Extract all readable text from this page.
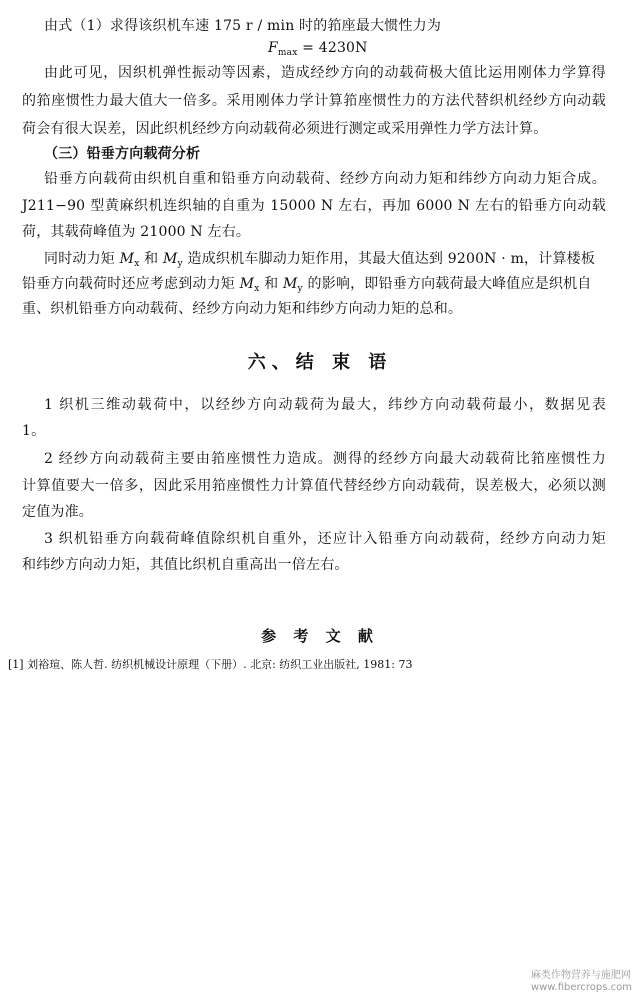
由式（1）求得该织机车速 175 r / min 时的筘座最大惯性力为
$F_{max} = 4230N$
由此可见，因织机弹性振动等因素，造成经纱方向的动载荷极大值比运用刚体力学算得
的筘座惯性力最大值大一倍多。采用刚体力学计算筘座惯性力的方法代替织机经纱方向动载
荷会有很大误差，因此织机经纱方向动载荷必须进行测定或采用弹性力学方法计算。
（三）铅垂方向载荷分析
铅垂方向载荷由织机自重和铅垂方向动载荷、经纱方向动力矩和纬纱方向动力矩合成。
J211−90 型黄麻织机连织轴的自重为 15000 N 左右，再加 6000 N 左右的铅垂方向动载
荷，其载荷峰值为 21000 N 左右。
同时动力矩 $M_x$ 和 $M_y$ 造成织机车脚动力矩作用，其最大值达到 9200N · m，计算楼板
铅垂方向载荷时还应考虑到动力矩 $M_x$ 和 $M_y$ 的影响，即铅垂方向载荷最大峰值应是织机自
重、织机铅垂方向动载荷、经纱方向动力矩和纬纱方向动力矩的总和。
六、结 束 语
1 织机三维动载荷中，以经纱方向动载荷为最大，纬纱方向动载荷最小，数据见表
1。
2 经纱方向动载荷主要由筘座惯性力造成。测得的经纱方向最大动载荷比筘座惯性力
计算值要大一倍多，因此采用筘座惯性力计算值代替经纱方向动载荷，误差极大，必须以测
定值为准。
3 织机铅垂方向载荷峰值除织机自重外，还应计入铅垂方向动载荷，经纱方向动力矩
和纬纱方向动力矩，其值比织机自重高出一倍左右。
参 考 文 献
[1] 刘裕瑄、陈人哲. 纺织机械设计原理（下册）. 北京: 纺织工业出版社, 1981: 73
麻类作物营养与施肥网
www.fibercrops.com
